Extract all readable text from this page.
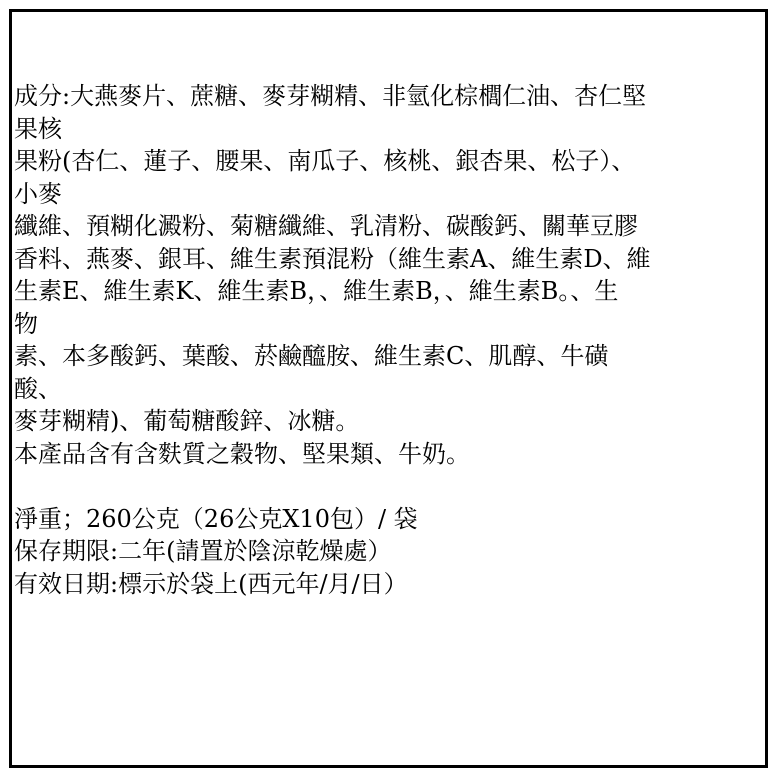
成分:大燕麥片、蔗糖、麥芽糊精、非氫化棕櫚仁油、杏仁堅
果核
果粉(杏仁、蓮子、腰果、南瓜子、核桃、銀杏果、松子）、
小麥
纖維、預糊化澱粉、菊糖纖維、乳清粉、碳酸鈣、關華豆膠
香料、燕麥、銀耳、維生素預混粉（維生素A、維生素D、維
生素E、維生素K、維生素B，、維生素B，、維生素B。、生
物
素、本多酸鈣、葉酸、菸鹼醯胺、維生素C、肌醇、牛磺
酸、
麥芽糊精)、葡萄糖酸鋅、冰糖。
本產品含有含麩質之穀物、堅果類、牛奶。
淨重；260公克（26公克X10包）/ 袋
保存期限:二年(請置於陰涼乾燥處）
有效日期:標示於袋上(西元年/月/日）
